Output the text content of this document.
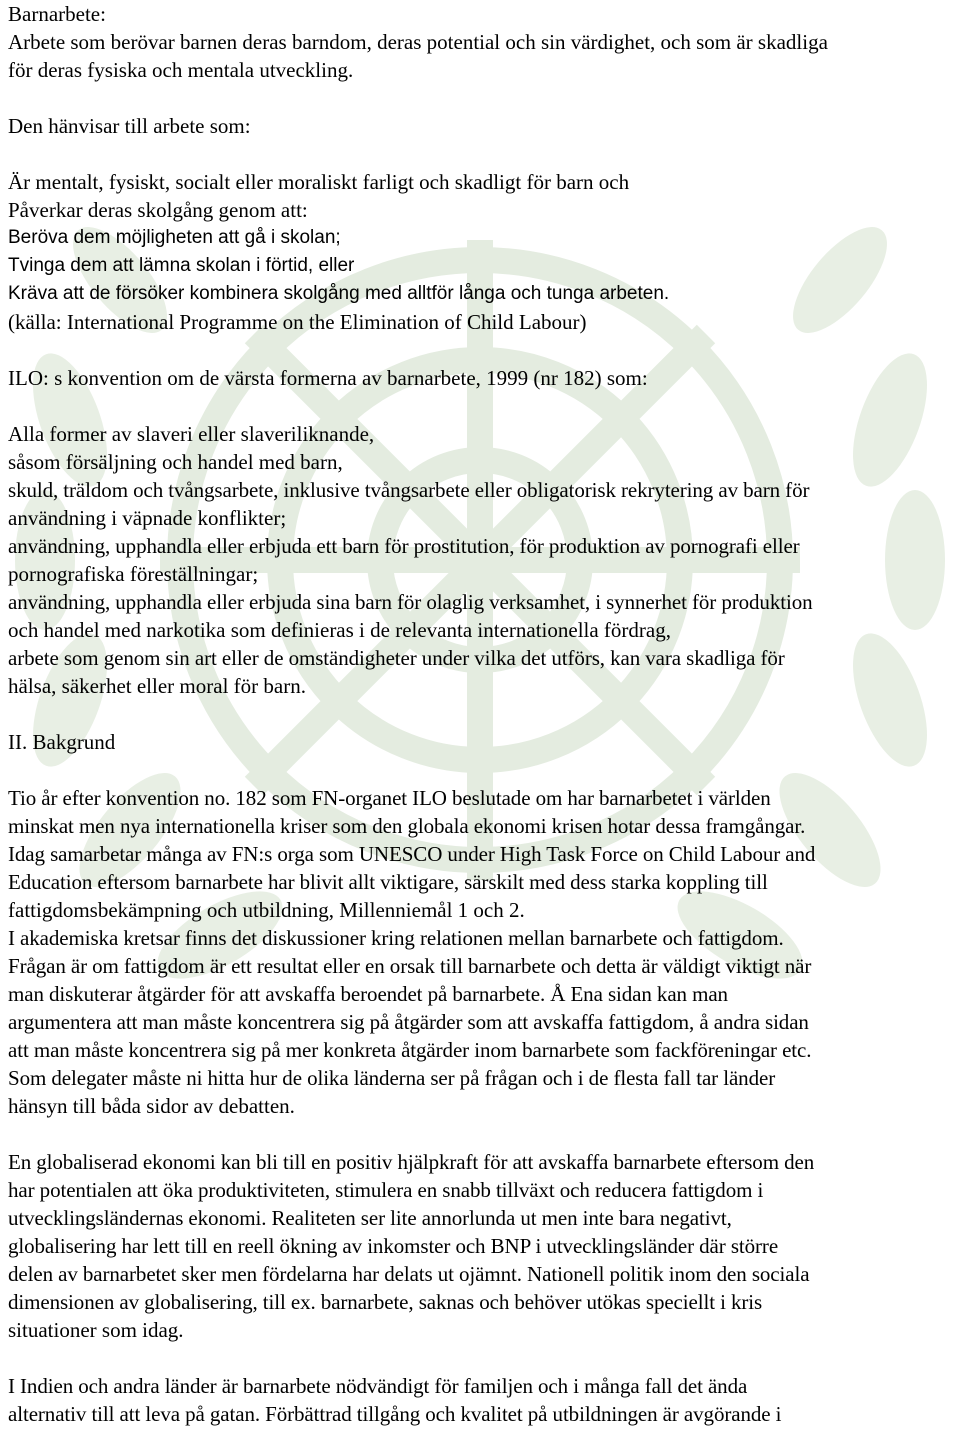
Barnarbete:
Arbete som berövar barnen deras barndom, deras potential och sin värdighet, och som är skadliga
för deras fysiska och mentala utveckling.
Den hänvisar till arbete som:
Är mentalt, fysiskt, socialt eller moraliskt farligt och skadligt för barn och
Påverkar deras skolgång genom att:
Beröva dem möjligheten att gå i skolan;
Tvinga dem att lämna skolan i förtid, eller
Kräva att de försöker kombinera skolgång med alltför långa och tunga arbeten.
(källa: International Programme on the Elimination of Child Labour)
ILO: s konvention om de värsta formerna av barnarbete, 1999 (nr 182) som:
Alla former av slaveri eller slaveriliknande,
såsom försäljning och handel med barn,
skuld, träldom och tvångsarbete, inklusive tvångsarbete eller obligatorisk rekrytering av barn för
användning i väpnade konflikter;
användning, upphandla eller erbjuda ett barn för prostitution, för produktion av pornografi eller
pornografiska föreställningar;
användning, upphandla eller erbjuda sina barn för olaglig verksamhet, i synnerhet för produktion
och handel med narkotika som definieras i de relevanta internationella fördrag,
arbete som genom sin art eller de omständigheter under vilka det utförs, kan vara skadliga för
hälsa, säkerhet eller moral för barn.
II. Bakgrund
Tio år efter konvention no. 182 som FN-organet ILO beslutade om har barnarbetet i världen
minskat men nya internationella kriser som den globala ekonomi krisen hotar dessa framgångar.
Idag samarbetar många av FN:s orga som UNESCO under High Task Force on Child Labour and
Education eftersom barnarbete har blivit allt viktigare, särskilt med dess starka koppling till
fattigdomsbekämpning och utbildning, Millenniemål 1 och 2.
I akademiska kretsar finns det diskussioner kring relationen mellan barnarbete och fattigdom.
Frågan är om fattigdom är ett resultat eller en orsak till barnarbete och detta är väldigt viktigt när
man diskuterar åtgärder för att avskaffa beroendet på barnarbete. Å Ena sidan kan man
argumentera att man måste koncentrera sig på åtgärder som att avskaffa fattigdom, å andra sidan
att man måste koncentrera sig på mer konkreta åtgärder inom barnarbete som fackföreningar etc.
Som delegater måste ni hitta hur de olika länderna ser på frågan och i de flesta fall tar länder
hänsyn till båda sidor av debatten.
En globaliserad ekonomi kan bli till en positiv hjälpkraft för att avskaffa barnarbete eftersom den
har potentialen att öka produktiviteten, stimulera en snabb tillväxt och reducera fattigdom i
utvecklingsländernas ekonomi. Realiteten ser lite annorlunda ut men inte bara negativt,
globalisering har lett till en reell ökning av inkomster och BNP i utvecklingsländer där större
delen av barnarbetet sker men fördelarna har delats ut ojämnt. Nationell politik inom den sociala
dimensionen av globalisering, till ex. barnarbete, saknas och behöver utökas speciellt i kris
situationer som idag.
I Indien och andra länder är barnarbete nödvändigt för familjen och i många fall det ända
alternativ till att leva på gatan. Förbättrad tillgång och kvalitet på utbildningen är avgörande i
